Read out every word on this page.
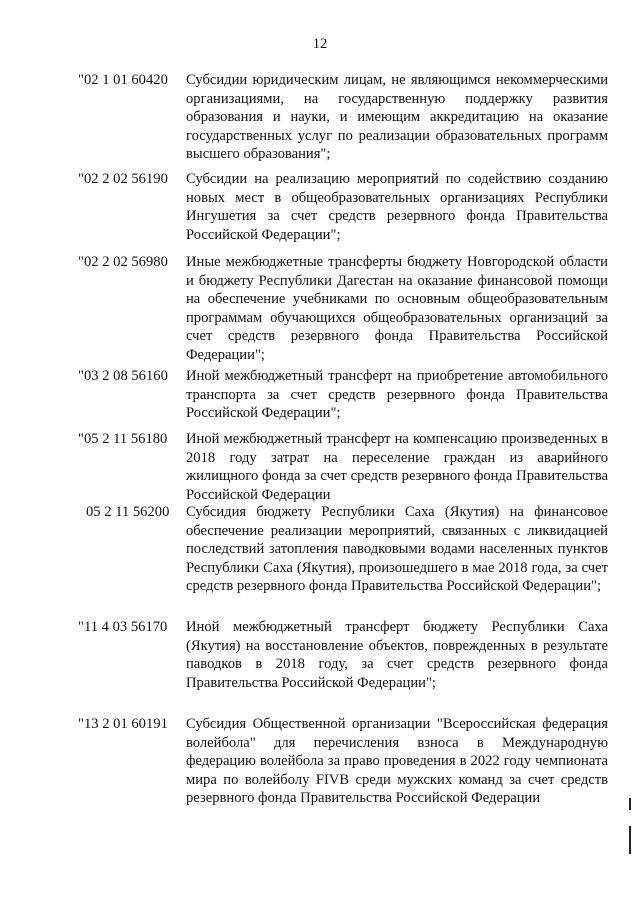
12
"02 1 01 60420	Субсидии юридическим лицам, не являющимся некоммерческими организациями, на государственную поддержку развития образования и науки, и имеющим аккредитацию на оказание государственных услуг по реализации образовательных программ высшего образования";
"02 2 02 56190	Субсидии на реализацию мероприятий по содействию созданию новых мест в общеобразовательных организациях Республики Ингушетия за счет средств резервного фонда Правительства Российской Федерации";
"02 2 02 56980	Иные межбюджетные трансферты бюджету Новгородской области и бюджету Республики Дагестан на оказание финансовой помощи на обеспечение учебниками по основным общеобразовательным программам обучающихся общеобразовательных организаций за счет средств резервного фонда Правительства Российской Федерации";
"03 2 08 56160	Иной межбюджетный трансферт на приобретение автомобильного транспорта за счет средств резервного фонда Правительства Российской Федерации";
"05 2 11 56180	Иной межбюджетный трансферт на компенсацию произведенных в 2018 году затрат на переселение граждан из аварийного жилищного фонда за счет средств резервного фонда Правительства Российской Федерации
05 2 11 56200	Субсидия бюджету Республики Саха (Якутия) на финансовое обеспечение реализации мероприятий, связанных с ликвидацией последствий затопления паводковыми водами населенных пунктов Республики Саха (Якутия), произошедшего в мае 2018 года, за счет средств резервного фонда Правительства Российской Федерации";
"11 4 03 56170	Иной межбюджетный трансферт бюджету Республики Саха (Якутия) на восстановление объектов, поврежденных в результате паводков в 2018 году, за счет средств резервного фонда Правительства Российской Федерации";
"13 2 01 60191	Субсидия Общественной организации "Всероссийская федерация волейбола" для перечисления взноса в Международную федерацию волейбола за право проведения в 2022 году чемпионата мира по волейболу FIVB среди мужских команд за счет средств резервного фонда Правительства Российской Федерации
